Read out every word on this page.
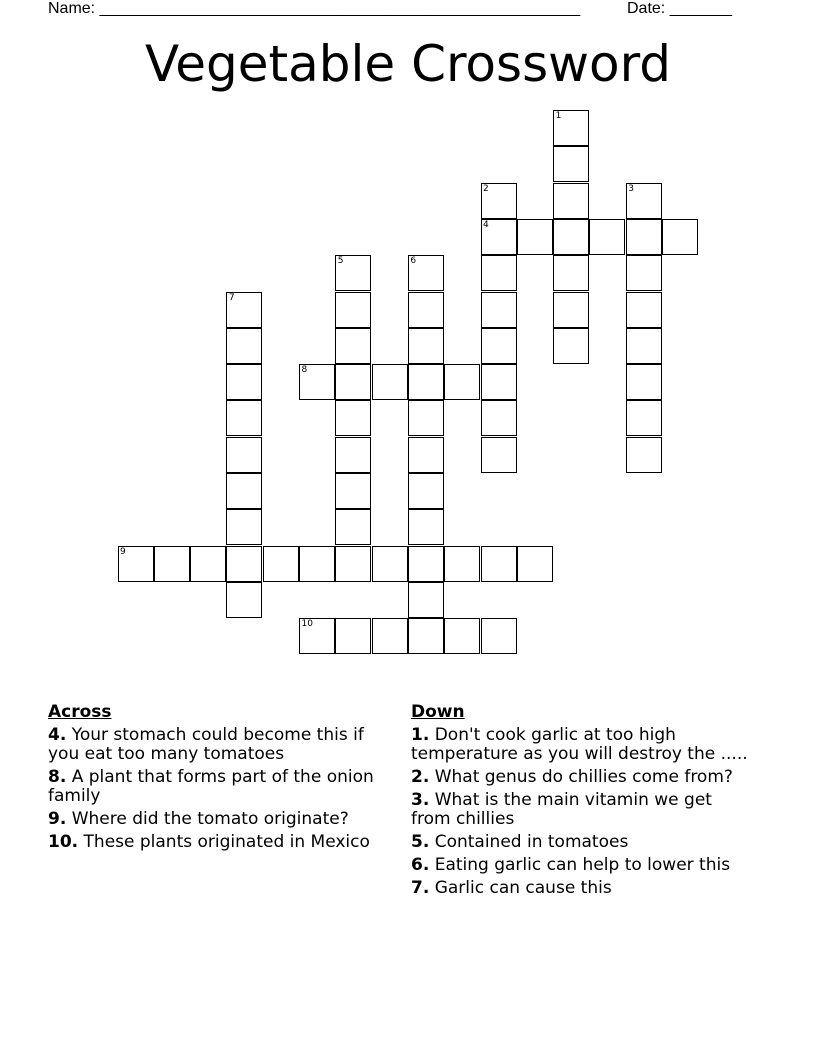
Name: ______________________________________________________	Date: _______
Vegetable Crossword
1
2
4
3
5	6
7
8
9
10
Across
4. Your stomach could become this if you eat too many tomatoes
8. A plant that forms part of the onion family
9. Where did the tomato originate?
10. These plants originated in Mexico
Down
1. Don't cook garlic at too high temperature as you will destroy the .....
2. What genus do chillies come from?
3. What is the main vitamin we get from chillies
5. Contained in tomatoes
6. Eating garlic can help to lower this
7. Garlic can cause this
